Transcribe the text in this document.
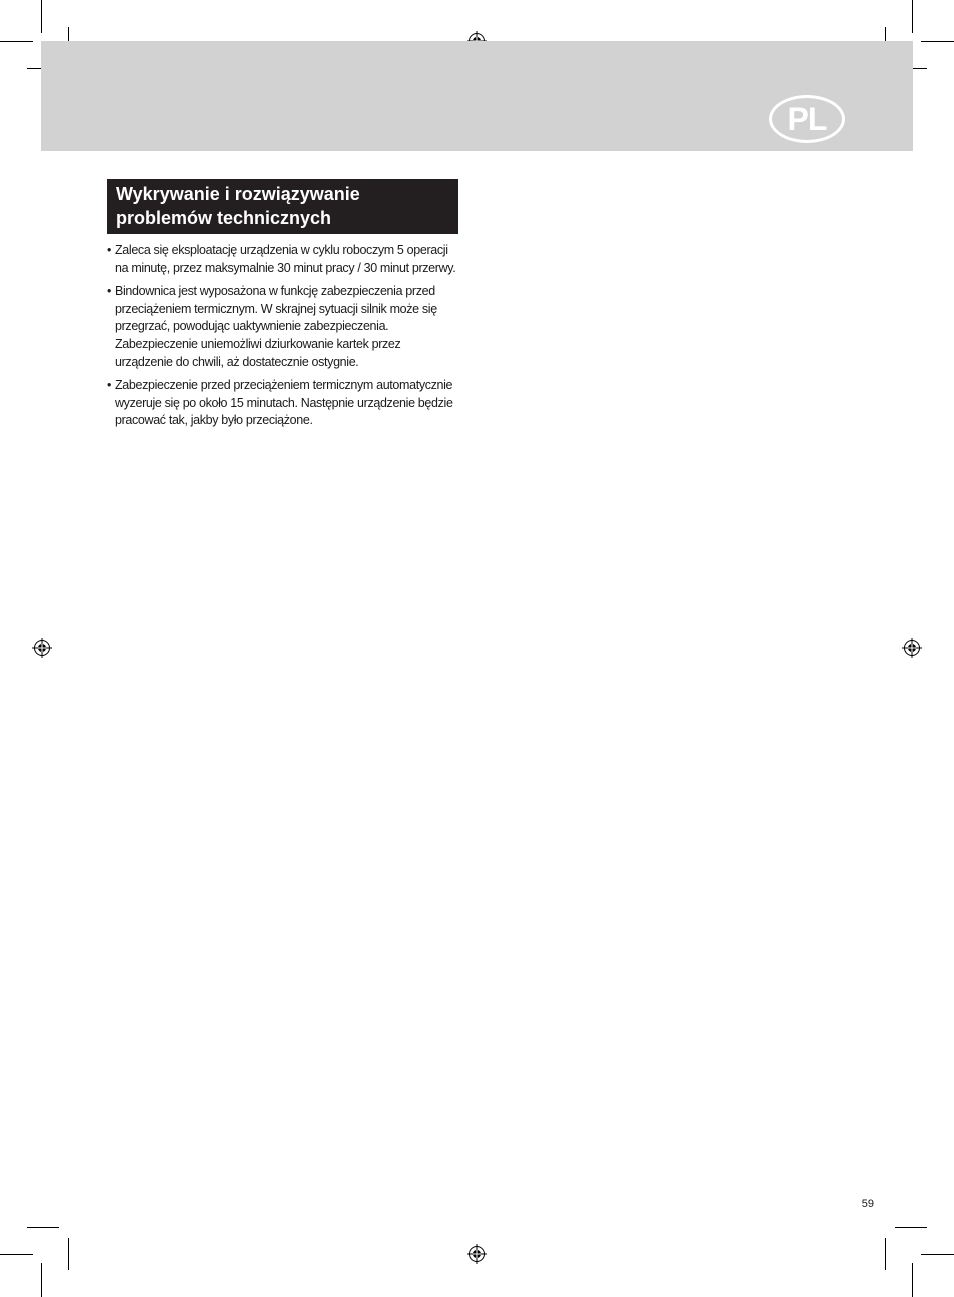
PL
Wykrywanie i rozwiązywanie problemów technicznych
• Zaleca się eksploatację urządzenia w cyklu roboczym 5 operacji na minutę, przez maksymalnie 30 minut pracy / 30 minut przerwy.
• Bindownica jest wyposażona w funkcję zabezpieczenia przed przeciążeniem termicznym. W skrajnej sytuacji silnik może się przegrzać, powodując uaktywnienie zabezpieczenia. Zabezpieczenie uniemożliwi dziurkowanie kartek przez urządzenie do chwili, aż dostatecznie ostygnie.
• Zabezpieczenie przed przeciążeniem termicznym automatycznie wyzeruje się po około 15 minutach. Następnie urządzenie będzie pracować tak, jakby było przeciążone.
59
